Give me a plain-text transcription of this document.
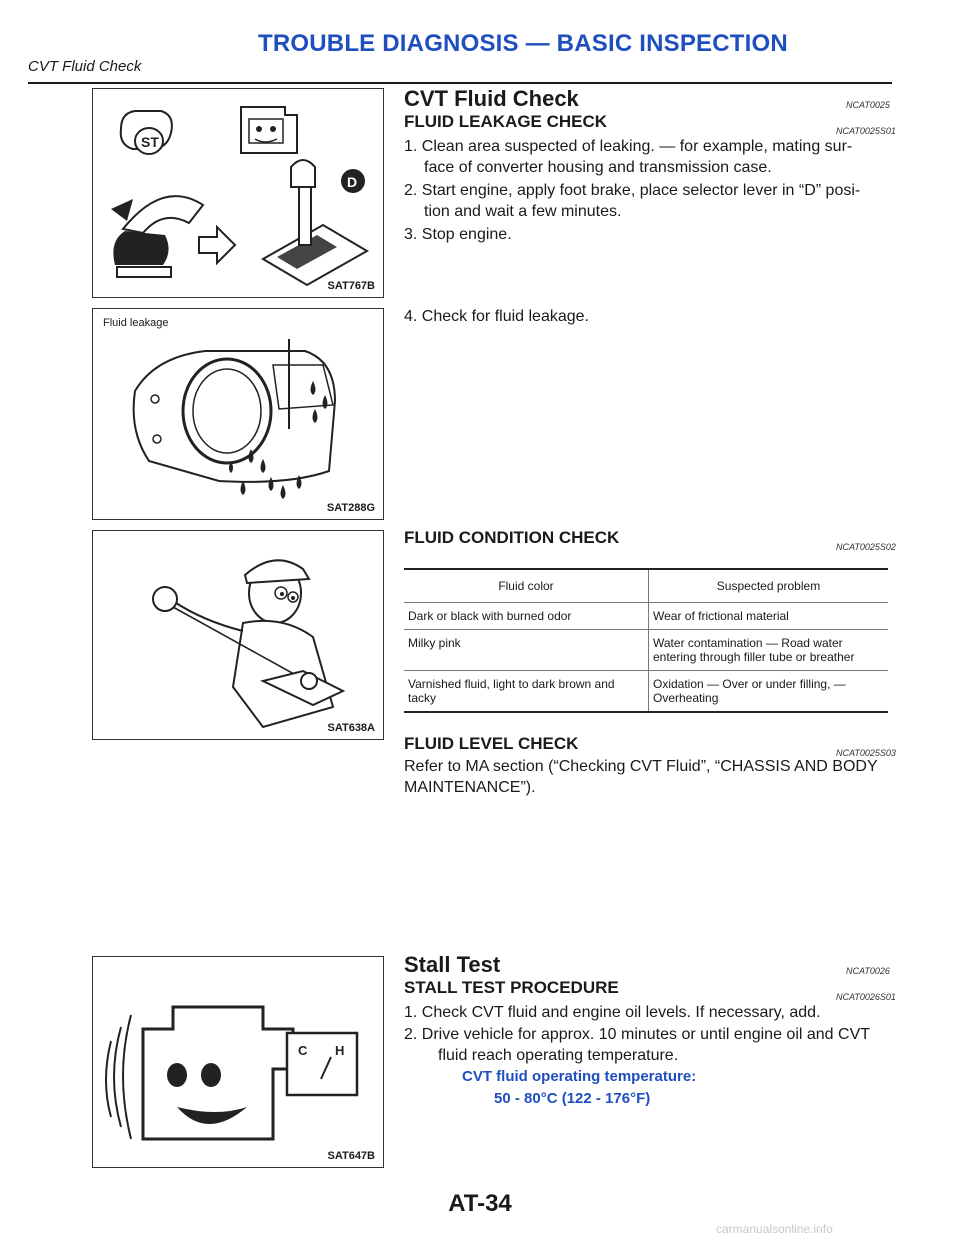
TROUBLE DIAGNOSIS — BASIC INSPECTION
CVT Fluid Check
ST
D
SAT767B
Fluid leakage
SAT288G
SAT638A
C H
SAT647B
CVT Fluid Check	NCAT0025
FLUID LEAKAGE CHECK	NCAT0025S01
1. Clean area suspected of leaking. — for example, mating sur-
face of converter housing and transmission case.
2. Start engine, apply foot brake, place selector lever in “D” posi-
tion and wait a few minutes.
3. Stop engine.
4. Check for fluid leakage.
FLUID CONDITION CHECK	NCAT0025S02
Fluid color	Suspected problem
Dark or black with burned odor	Wear of frictional material
Milky pink	Water contamination — Road water entering through filler tube or breather
Varnished fluid, light to dark brown and tacky	Oxidation — Over or under filling, — Overheating
FLUID LEVEL CHECK	NCAT0025S03
Refer to MA section (“Checking CVT Fluid”, “CHASSIS AND BODY MAINTENANCE”).
Stall Test	NCAT0026
STALL TEST PROCEDURE	NCAT0026S01
1. Check CVT fluid and engine oil levels. If necessary, add.
2. Drive vehicle for approx. 10 minutes or until engine oil and CVT
fluid reach operating temperature.
CVT fluid operating temperature:
50 - 80°C (122 - 176°F)
AT-34
carmanualsonline.info
